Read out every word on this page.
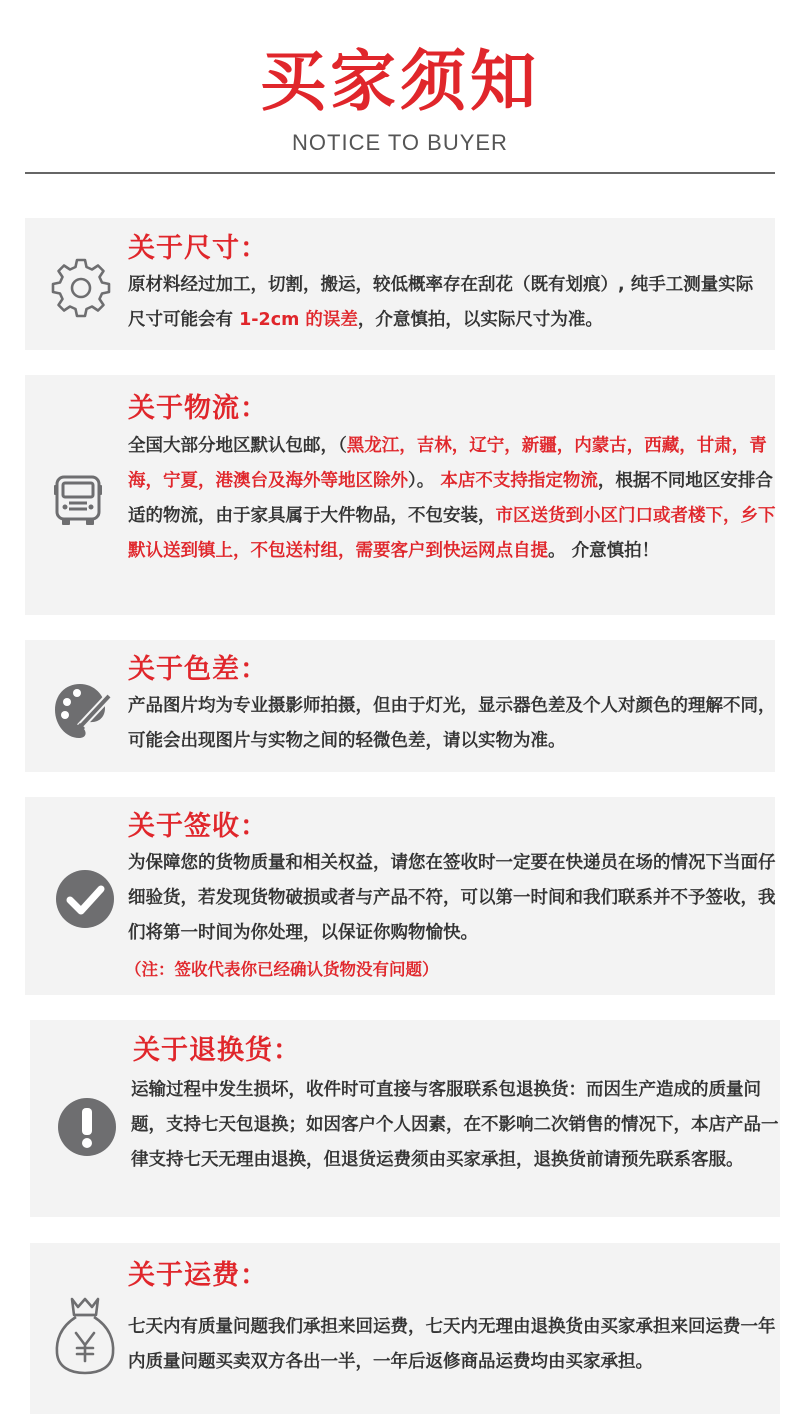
买家须知
NOTICE TO BUYER
关于尺寸：
原材料经过加工，切割，搬运，较低概率存在刮花（既有划痕）, 纯手工测量实际尺寸可能会有 1-2cm 的误差，介意慎拍，以实际尺寸为准。
关于物流：
全国大部分地区默认包邮，（黑龙江，吉林，辽宁，新疆，内蒙古，西藏，甘肃，青海，宁夏，港澳台及海外等地区除外）。 本店不支持指定物流，根据不同地区安排合适的物流，由于家具属于大件物品，不包安装，市区送货到小区门口或者楼下，乡下默认送到镇上，不包送村组，需要客户到快运网点自提。 介意慎拍！
关于色差：
产品图片均为专业摄影师拍摄，但由于灯光，显示器色差及个人对颜色的理解不同，可能会出现图片与实物之间的轻微色差，请以实物为准。
关于签收：
为保障您的货物质量和相关权益，请您在签收时一定要在快递员在场的情况下当面仔细验货，若发现货物破损或者与产品不符，可以第一时间和我们联系并不予签收，我们将第一时间为你处理，以保证你购物愉快。
（注：签收代表你已经确认货物没有问题）
关于退换货：
运输过程中发生损坏，收件时可直接与客服联系包退换货：而因生产造成的质量问题，支持七天包退换；如因客户个人因素，在不影响二次销售的情况下，本店产品一律支持七天无理由退换，但退货运费须由买家承担，退换货前请预先联系客服。
关于运费：
七天内有质量问题我们承担来回运费，七天内无理由退换货由买家承担来回运费一年内质量问题买卖双方各出一半，一年后返修商品运费均由买家承担。
